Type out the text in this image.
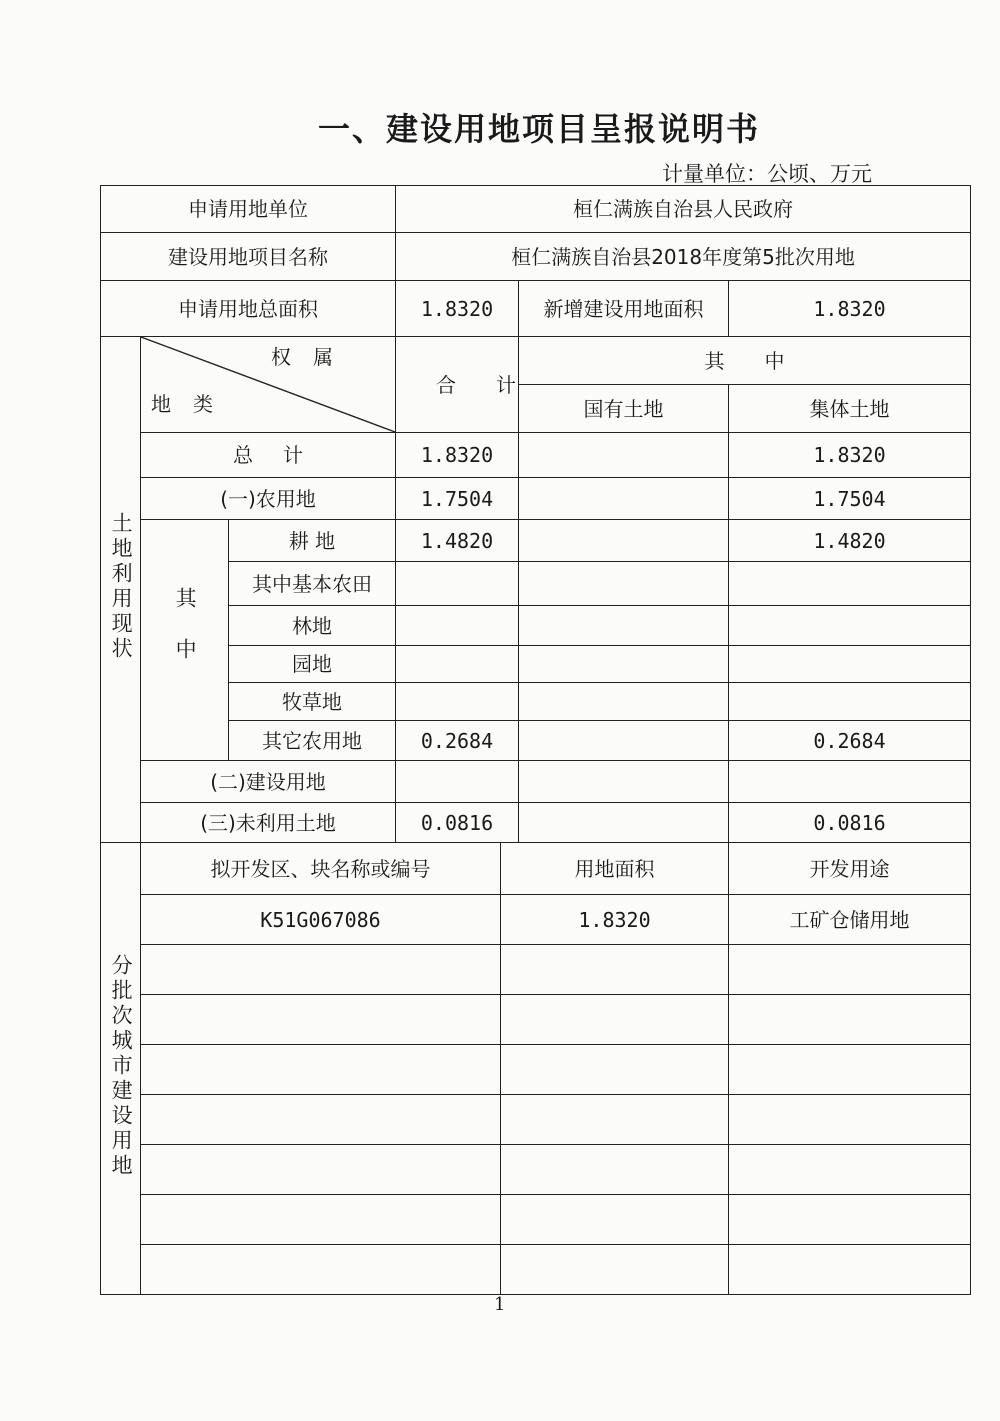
一、建设用地项目呈报说明书
计量单位：公顷、万元
申请用地单位			桓仁满族自治县人民政府			
建设用地项目名称			桓仁满族自治县2018年度第5批次用地			
申请用地总面积			1.8320		新增建设用地面积	1.8320
土地利用现状	权属
地类		合计		其中	
					国有土地	集体土地
	总计		1.8320			1.8320
	(一)农用地		1.7504			1.7504
	其中	耕 地	1.4820			1.4820
		其中基本农田				
		林地				
		园地				
		牧草地				
		其它农用地	0.2684			0.2684
	(二)建设用地					
	(三)未利用土地		0.0816			0.0816
分批次城市建设用地	拟开发区、块名称或编号			用地面积		开发用途
	K51G067086			1.8320		工矿仓储用地

1
